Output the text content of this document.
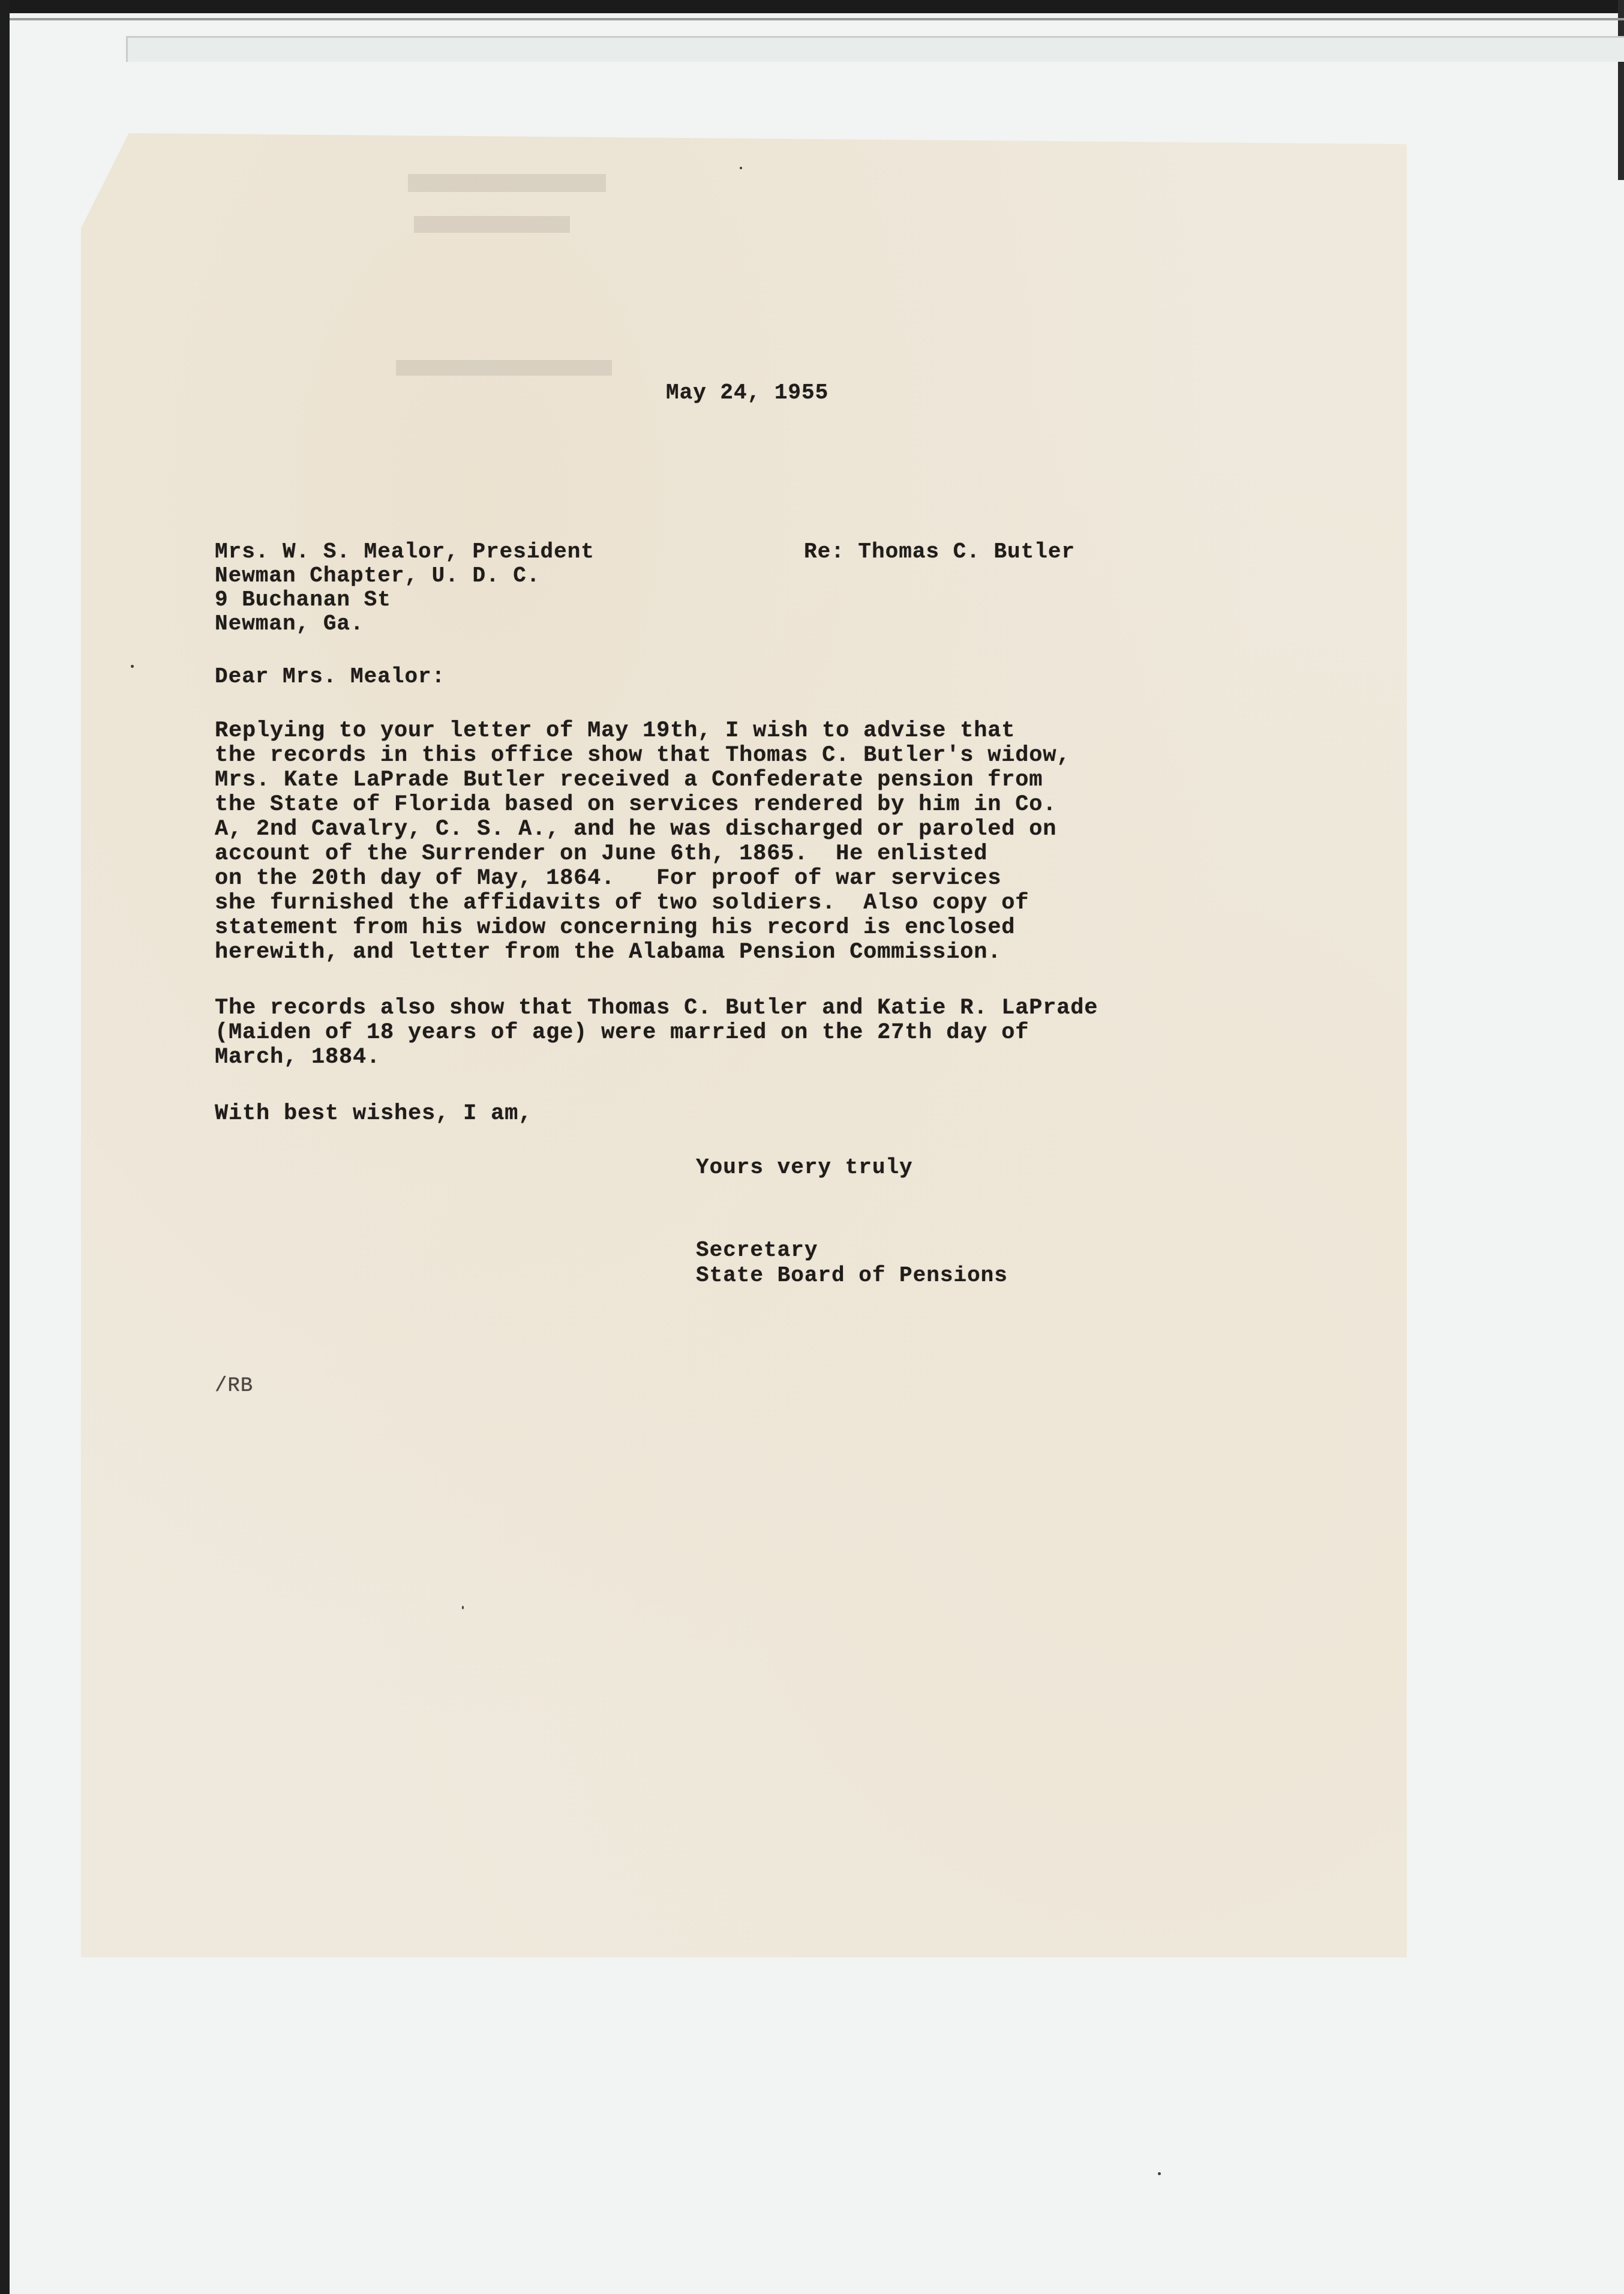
May 24, 1955
Mrs. W. S. Mealor, President
Newman Chapter, U. D. C.
9 Buchanan St
Newman, Ga.
Re: Thomas C. Butler
Dear Mrs. Mealor:
Replying to your letter of May 19th, I wish to advise that
the records in this office show that Thomas C. Butler's widow,
Mrs. Kate LaPrade Butler received a Confederate pension from
the State of Florida based on services rendered by him in Co.
A, 2nd Cavalry, C. S. A., and he was discharged or paroled on
account of the Surrender on June 6th, 1865.  He enlisted
on the 20th day of May, 1864.   For proof of war services
she furnished the affidavits of two soldiers.  Also copy of
statement from his widow concerning his record is enclosed
herewith, and letter from the Alabama Pension Commission.
The records also show that Thomas C. Butler and Katie R. LaPrade
(Maiden of 18 years of age) were married on the 27th day of
March, 1884.
With best wishes, I am,
Yours very truly
Secretary
State Board of Pensions
/RB
